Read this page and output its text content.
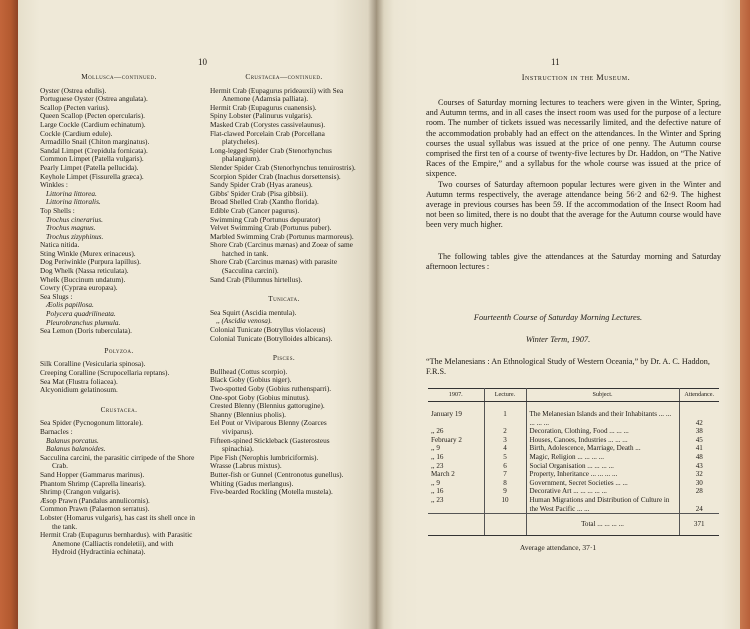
10
Mollusca—continued.
Oyster (Ostrea edulis).
Portuguese Oyster (Ostrea angulata).
Scallop (Pecten varius).
Queen Scallop (Pecten opercularis).
Large Cockle (Cardium echinatum).
Cockle (Cardium edule).
Armadillo Snail (Chiton marginatus).
Sandal Limpet (Crepidula fornicata).
Common Limpet (Patella vulgaris).
Pearly Limpet (Patella pellucida).
Keyhole Limpet (Fissurella græca).
Winkles :
Littorina littorea.
Littorina littoralis.
Top Shells :
Trochus cinerarius.
Trochus magnus.
Trochus zizyphinus.
Natica nitida.
Sting Winkle (Murex erinaceus).
Dog Periwinkle (Purpura lapillus).
Dog Whelk (Nassa reticulata).
Whelk (Buccinum undatum).
Cowry (Cypræa europæa).
Sea Slugs :
Æolis papillosa.
Polycera quadrilineata.
Pleurobranchus plumula.
Sea Lemon (Doris tuberculata).
Polyzoa.
Silk Coralline (Vesicularia spinosa).
Creeping Coralline (Scrupocellaria reptans).
Sea Mat (Flustra foliacea).
Alcyonidium gelatinosum.
Crustacea.
Sea Spider (Pycnogonum littorale).
Barnacles :
Balanus porcatus.
Balanus balanoides.
Sacculina carcini, the parasitic cirripede of the Shore Crab.
Sand Hopper (Gammarus marinus).
Phantom Shrimp (Caprella linearis).
Shrimp (Crangon vulgaris).
Æsop Prawn (Pandalus annulicornis).
Common Prawn (Palaemon serratus).
Lobster (Homarus vulgaris), has cast its shell once in the tank.
Hermit Crab (Eupagurus bernhardus). with Parasitic Anemone (Calliactis rondeletii), and with Hydroid (Hydractinia echinata).
Crustacea—continued.
Hermit Crab (Eupagurus prideauxii) with Sea Anemone (Adamsia palliata).
Hermit Crab (Eupagurus cuanensis).
Spiny Lobster (Palinurus vulgaris).
Masked Crab (Corystes cassivelaunus).
Flat-clawed Porcelain Crab (Porcellana platycheles).
Long-legged Spider Crab (Stenorhynchus phalangium).
Slender Spider Crab (Stenorhynchus tenuirostris).
Scorpion Spider Crab (Inachus dorsettensis).
Sandy Spider Crab (Hyas araneus).
Gibbs' Spider Crab (Pisa gibbsii).
Broad Shelled Crab (Xantho florida).
Edible Crab (Cancer pagurus).
Swimming Crab (Portunus depurator)
Velvet Swimming Crab (Portunus puber).
Marbled Swimming Crab (Portunus marmoreus).
Shore Crab (Carcinus mænas) and Zoeæ of same hatched in tank.
Shore Crab (Carcinus mænas) with parasite (Sacculina carcini).
Sand Crab (Pilumnus hirtellus).
Tunicata.
Sea Squirt (Ascidia mentula).
,, (Ascidia venosa).
Colonial Tunicate (Botryllus violaceus)
Colonial Tunicate (Botrylloides albicans).
Pisces.
Bullhead (Cottus scorpio).
Black Goby (Gobius niger).
Two-spotted Goby (Gobius ruthensparri).
One-spot Goby (Gobius minutus).
Crested Blenny (Blennius gattorugine).
Shanny (Blennius pholis).
Eel Pout or Viviparous Blenny (Zoarces viviparus).
Fifteen-spined Stickleback (Gasterosteus spinachia).
Pipe Fish (Nerophis lumbriciformis).
Wrasse (Labrus mixtus).
Butter-fish or Gunnel (Centronotus gunellus).
Whiting (Gadus merlangus).
Five-bearded Rockling (Motella mustela).
11
Instruction in the Museum.

Courses of Saturday morning lectures to teachers were given in the Winter, Spring, and Autumn terms, and in all cases the insect room was used for the purpose of a lecture room. The number of tickets issued was necessarily limited, and the defective nature of the accommodation probably had an effect on the attendances. In the Winter and Spring courses the usual syllabus was issued at the price of one penny. The Autumn course comprised the first ten of a course of twenty-five lectures by Dr. Haddon, on “The Native Races of the Empire,” and a syllabus for the whole course was issued at the price of sixpence.

Two courses of Saturday afternoon popular lectures were given in the Winter and Autumn terms respectively, the average attendance being 56·2 and 62·9. The highest average in previous courses has been 59. If the accommodation of the Insect Room had not been so limited, there is no doubt that the average for the Autumn course would have been very much higher.

The following tables give the attendances at the Saturday morning and Saturday afternoon lectures :

Fourteenth Course of Saturday Morning Lectures.
Winter Term, 1907.
“The Melanesians : An Ethnological Study of Western Oceania,” by Dr. A. C. Haddon, F.R.S.
1907.	Lecture.	Subject.	Attendance.
January 19	1	The Melanesian Islands and their Inhabitants ... ... ... ... ...	42
,, 26	2	Decoration, Clothing, Food ... ... ...	38
February 2	3	Houses, Canoes, Industries ... ... ...	45
,, 9	4	Birth, Adolescence, Marriage, Death ...	41
,, 16	5	Magic, Religion ... ... ... ...	48
,, 23	6	Social Organisation ... ... ... ...	43
March 2	7	Property, Inheritance ... ... ... ...	32
,, 9	8	Government, Secret Societies ... ...	30
,, 16	9	Decorative Art ... ... ... ... ...	28
,, 23	10	Human Migrations and Distribution of Culture in the West Pacific ... ...	24
		Total ... ... ... ...	371
Average attendance, 37·1
